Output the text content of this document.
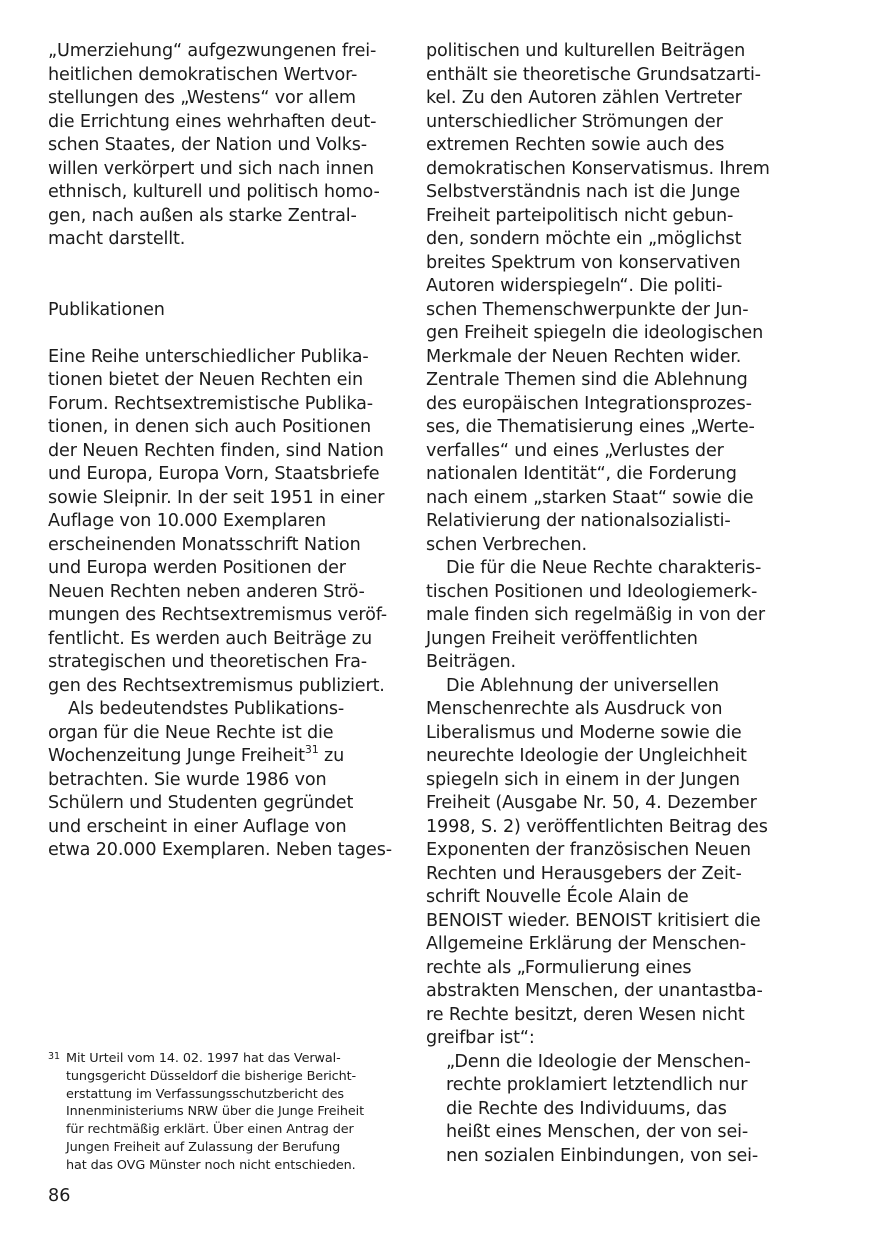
„Umerziehung“ aufgezwungenen frei-
heitlichen demokratischen Wertvor-
stellungen des „Westens“ vor allem
die Errichtung eines wehrhaften deut-
schen Staates, der Nation und Volks-
willen verkörpert und sich nach innen
ethnisch, kulturell und politisch homo-
gen, nach außen als starke Zentral-
macht darstellt.
Publikationen
Eine Reihe unterschiedlicher Publika-
tionen bietet der Neuen Rechten ein
Forum. Rechtsextremistische Publika-
tionen, in denen sich auch Positionen
der Neuen Rechten finden, sind Nation
und Europa, Europa Vorn, Staatsbriefe
sowie Sleipnir. In der seit 1951 in einer
Auflage von 10.000 Exemplaren
erscheinenden Monatsschrift Nation
und Europa werden Positionen der
Neuen Rechten neben anderen Strö-
mungen des Rechtsextremismus veröf-
fentlicht. Es werden auch Beiträge zu
strategischen und theoretischen Fra-
gen des Rechtsextremismus publiziert.
Als bedeutendstes Publikations-
organ für die Neue Rechte ist die
Wochenzeitung Junge Freiheit$^{31}$ zu
betrachten. Sie wurde 1986 von
Schülern und Studenten gegründet
und erscheint in einer Auflage von
etwa 20.000 Exemplaren. Neben tages-
politischen und kulturellen Beiträgen
enthält sie theoretische Grundsatzarti-
kel. Zu den Autoren zählen Vertreter
unterschiedlicher Strömungen der
extremen Rechten sowie auch des
demokratischen Konservatismus. Ihrem
Selbstverständnis nach ist die Junge
Freiheit parteipolitisch nicht gebun-
den, sondern möchte ein „möglichst
breites Spektrum von konservativen
Autoren widerspiegeln“. Die politi-
schen Themenschwerpunkte der Jun-
gen Freiheit spiegeln die ideologischen
Merkmale der Neuen Rechten wider.
Zentrale Themen sind die Ablehnung
des europäischen Integrationsprozes-
ses, die Thematisierung eines „Werte-
verfalles“ und eines „Verlustes der
nationalen Identität“, die Forderung
nach einem „starken Staat“ sowie die
Relativierung der nationalsozialisti-
schen Verbrechen.
Die für die Neue Rechte charakteris-
tischen Positionen und Ideologiemerk-
male finden sich regelmäßig in von der
Jungen Freiheit veröffentlichten
Beiträgen.
Die Ablehnung der universellen
Menschenrechte als Ausdruck von
Liberalismus und Moderne sowie die
neurechte Ideologie der Ungleichheit
spiegeln sich in einem in der Jungen
Freiheit (Ausgabe Nr. 50, 4. Dezember
1998, S. 2) veröffentlichten Beitrag des
Exponenten der französischen Neuen
Rechten und Herausgebers der Zeit-
schrift Nouvelle École Alain de
BENOIST wieder. BENOIST kritisiert die
Allgemeine Erklärung der Menschen-
rechte als „Formulierung eines
abstrakten Menschen, der unantastba-
re Rechte besitzt, deren Wesen nicht
greifbar ist“:
„Denn die Ideologie der Menschen-
rechte proklamiert letztendlich nur
die Rechte des Individuums, das
heißt eines Menschen, der von sei-
nen sozialen Einbindungen, von sei-
31 Mit Urteil vom 14. 02. 1997 hat das Verwal-
tungsgericht Düsseldorf die bisherige Bericht-
erstattung im Verfassungsschutzbericht des
Innenministeriums NRW über die Junge Freiheit
für rechtmäßig erklärt. Über einen Antrag der
Jungen Freiheit auf Zulassung der Berufung
hat das OVG Münster noch nicht entschieden.
86
